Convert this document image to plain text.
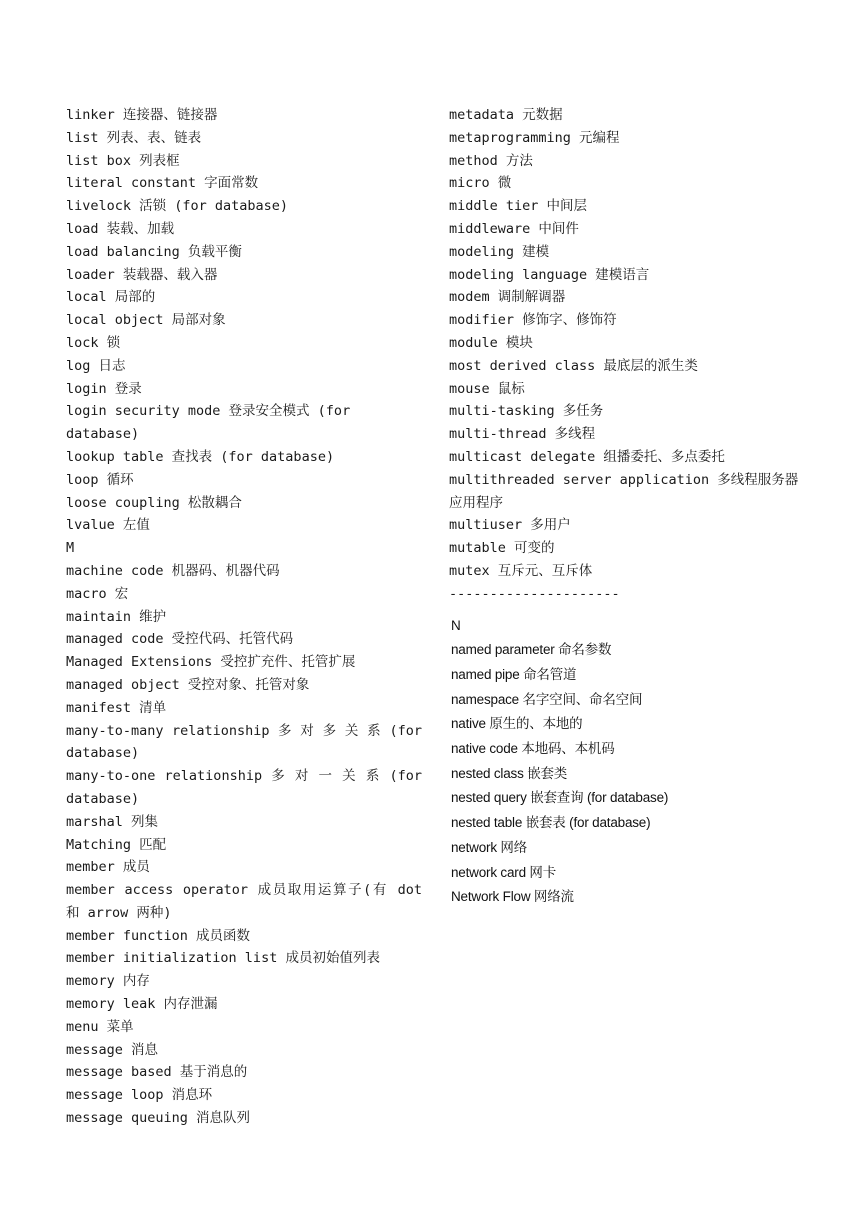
linker 连接器、链接器

list 列表、表、链表

list box 列表框

literal constant 字面常数

livelock 活锁 (for database)

load 装载、加载

load balancing 负载平衡

loader 装载器、载入器

local 局部的

local object 局部对象

lock 锁

log 日志

login 登录

login security mode 登录安全模式 (for database)

lookup table 查找表 (for database)

loop 循环

loose coupling 松散耦合

lvalue 左值

M

machine code 机器码、机器代码

macro 宏

maintain 维护

managed code 受控代码、托管代码

Managed Extensions 受控扩充件、托管扩展

managed object 受控对象、托管对象

manifest 清单

many-to-many relationship 多 对 多 关 系 (for database)

many-to-one relationship 多 对 一 关 系 (for database)

marshal 列集

Matching 匹配

member 成员

member access operator 成员取用运算子(有 dot 和 arrow 两种)

member function 成员函数

member initialization list 成员初始值列表

memory 内存

memory leak 内存泄漏

menu 菜单

message 消息

message based 基于消息的

message loop 消息环

message queuing 消息队列

metadata 元数据

metaprogramming 元编程

method 方法

micro 微

middle tier 中间层

middleware 中间件

modeling 建模

modeling language 建模语言

modem 调制解调器

modifier 修饰字、修饰符

module 模块

most derived class 最底层的派生类

mouse 鼠标

multi-tasking 多任务

multi-thread 多线程

multicast delegate 组播委托、多点委托

multithreaded server application 多线程服务器应用程序

multiuser 多用户

mutable 可变的

mutex 互斥元、互斥体

---------------------

N

named parameter 命名参数

named pipe 命名管道

namespace 名字空间、命名空间

native 原生的、本地的

native code 本地码、本机码

nested class 嵌套类

nested query 嵌套查询 (for database)

nested table 嵌套表 (for database)

network 网络

network card 网卡

Network Flow 网络流
